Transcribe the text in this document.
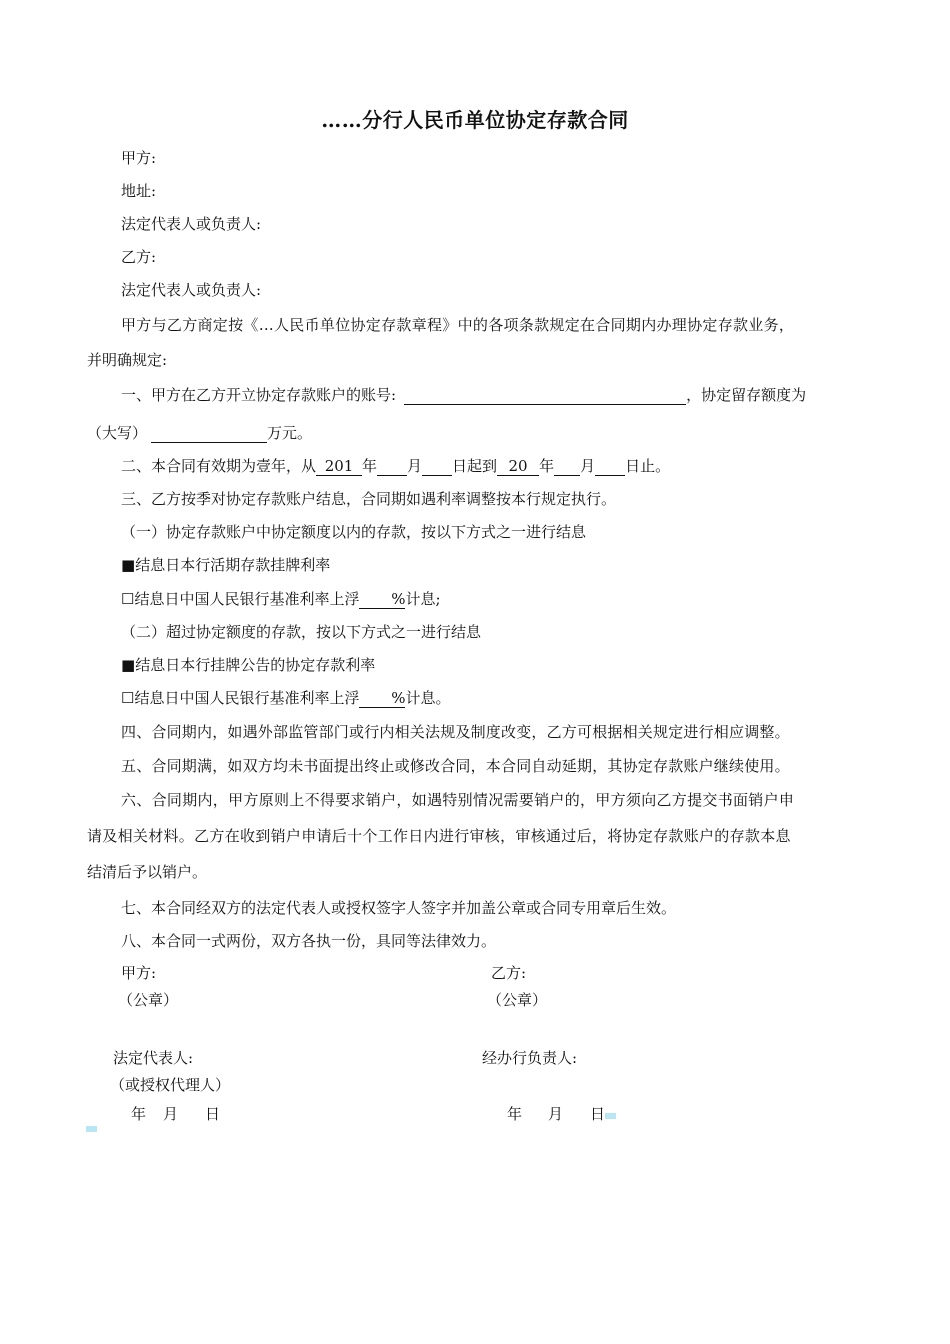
……分行人民币单位协定存款合同
甲方:
地址:
法定代表人或负责人:
乙方:
法定代表人或负责人:
甲方与乙方商定按《…人民币单位协定存款章程》中的各项条款规定在合同期内办理协定存款业务，
并明确规定:
一、甲方在乙方开立协定存款账户的账号:	，协定留存额度为
（大写）	万元。
二、本合同有效期为壹年，从 201 年 月 日起到 20 年 月 日止。
三、乙方按季对协定存款账户结息，合同期如遇利率调整按本行规定执行。
（一）协定存款账户中协定额度以内的存款，按以下方式之一进行结息
■结息日本行活期存款挂牌利率
☐结息日中国人民银行基准利率上浮 %计息;
（二）超过协定额度的存款，按以下方式之一进行结息
■结息日本行挂牌公告的协定存款利率
☐结息日中国人民银行基准利率上浮 %计息。
四、合同期内，如遇外部监管部门或行内相关法规及制度改变，乙方可根据相关规定进行相应调整。
五、合同期满，如双方均未书面提出终止或修改合同，本合同自动延期，其协定存款账户继续使用。
六、合同期内，甲方原则上不得要求销户，如遇特别情况需要销户的，甲方须向乙方提交书面销户申
请及相关材料。乙方在收到销户申请后十个工作日内进行审核，审核通过后，将协定存款账户的存款本息
结清后予以销户。
七、本合同经双方的法定代表人或授权签字人签字并加盖公章或合同专用章后生效。
八、本合同一式两份，双方各执一份，具同等法律效力。
甲方:	乙方:
（公章）	（公章）
法定代表人:	经办行负责人:
（或授权代理人）
年 月 日	年 月 日
